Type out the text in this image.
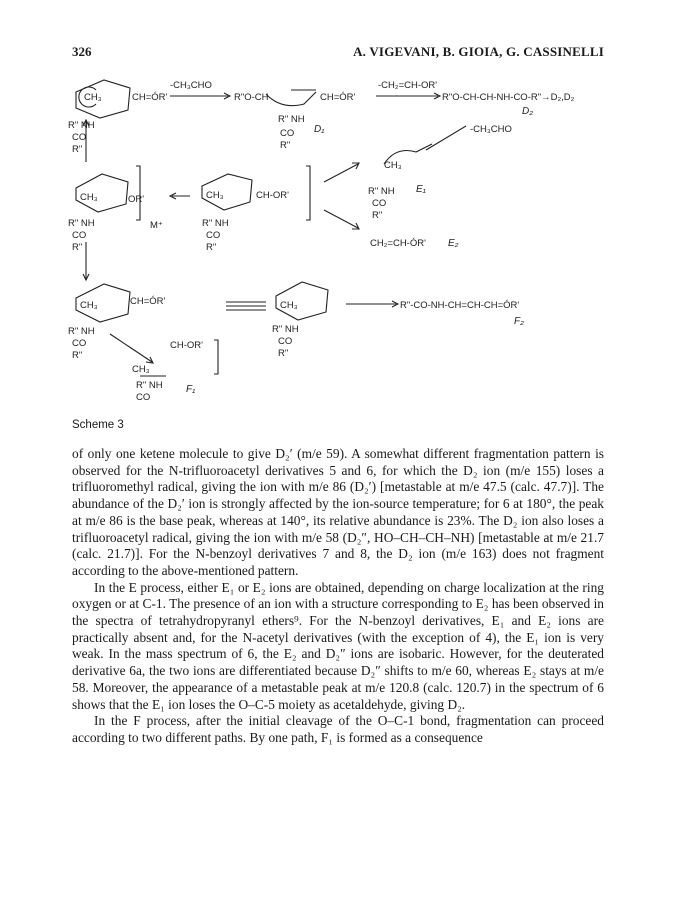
326	A. VIGEVANI, B. GIOIA, G. CASSINELLI
CH₃	CH=ÓR'
-CH₃CHO
R"O-CH	CH=ÓR'
-CH₂=CH-OR'
R"O-CH-CH-NH-CO-R"→D₂,D₂
D₂
R" NH
CO
R"
R" NH
CO
R"
D₁	-CH₃CHO
CH₃
R" NH
CO
R"
E₁
CH₂=CH-ÓR' E₂
CH₃	OR'
R" NH
CO
R"
M⁺
CH₃	CH-OR'
R" NH
CO
R"
CH₃	CH=ÓR'
R" NH
CO
R"
CH₃
R" NH
CO
R"
R"-CO-NH-CH=CH-CH=ÓR'
F₂
CH-OR'
CH₃
R" NH
CO
F₁
Scheme 3

of only one ketene molecule to give D₂′ (m/e 59). A somewhat different fragmentation pattern is observed for the N-trifluoroacetyl derivatives 5 and 6, for which the D₂ ion (m/e 155) loses a trifluoromethyl radical, giving the ion with m/e 86 (D₂′) [metastable at m/e 47.5 (calc. 47.7)]. The abundance of the D₂′ ion is strongly affected by the ion-source temperature; for 6 at 180°, the peak at m/e 86 is the base peak, whereas at 140°, its relative abundance is 23%. The D₂ ion also loses a trifluoroacetyl radical, giving the ion with m/e 58 (D₂″, HO–CH–CH–NH) [metastable at m/e 21.7 (calc. 21.7)]. For the N-benzoyl derivatives 7 and 8, the D₂ ion (m/e 163) does not fragment according to the above-mentioned pattern.

In the E process, either E₁ or E₂ ions are obtained, depending on charge localization at the ring oxygen or at C-1. The presence of an ion with a structure corresponding to E₂ has been observed in the spectra of tetrahydropyranyl ethers⁹. For the N-benzoyl derivatives, E₁ and E₂ ions are practically absent and, for the N-acetyl derivatives (with the exception of 4), the E₁ ion is very weak. In the mass spectrum of 6, the E₂ and D₂″ ions are isobaric. However, for the deuterated derivative 6a, the two ions are differentiated because D₂″ shifts to m/e 60, whereas E₂ stays at m/e 58. Moreover, the appearance of a metastable peak at m/e 120.8 (calc. 120.7) in the spectrum of 6 shows that the E₁ ion loses the O–C-5 moiety as acetaldehyde, giving D₂.

In the F process, after the initial cleavage of the O–C-1 bond, fragmentation can proceed according to two different paths. By one path, F₁ is formed as a consequence
